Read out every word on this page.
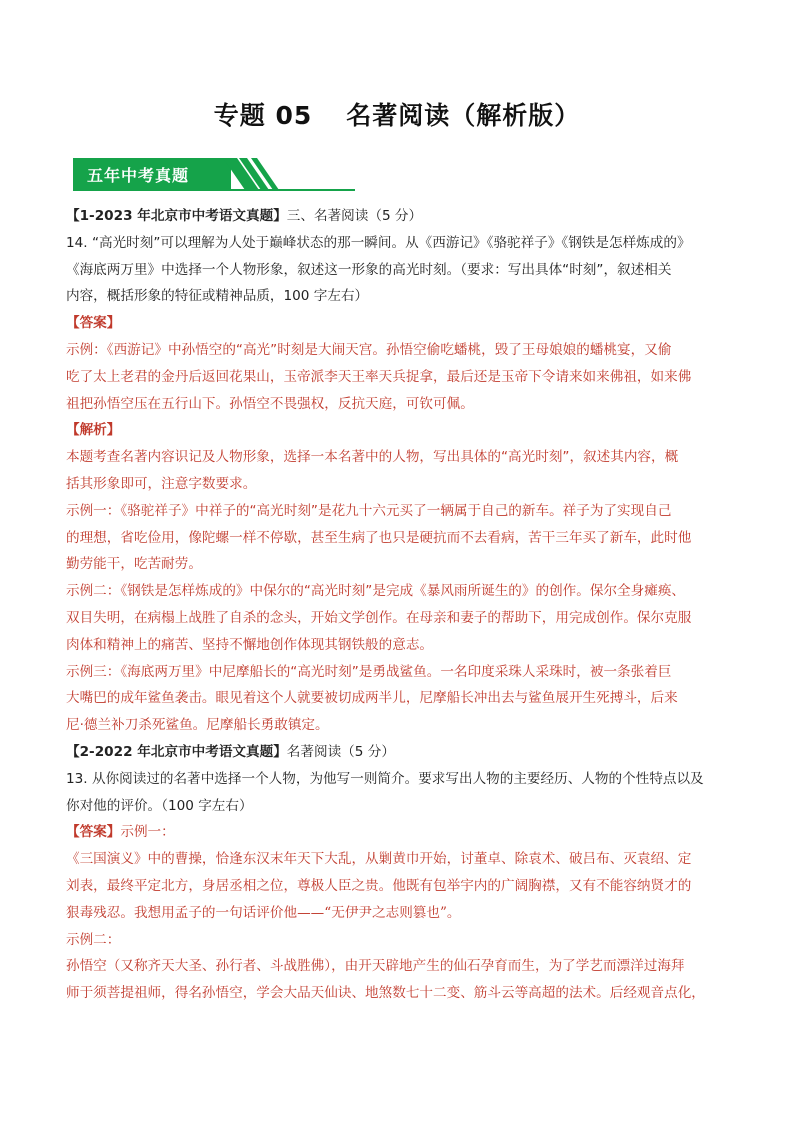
专题 05 名著阅读（解析版）
五年中考真题
【1-2023 年北京市中考语文真题】三、名著阅读（5 分）
14. “高光时刻”可以理解为人处于巅峰状态的那一瞬间。从《西游记》《骆驼祥子》《钢铁是怎样炼成的》
《海底两万里》中选择一个人物形象，叙述这一形象的高光时刻。（要求：写出具体“时刻”，叙述相关
内容，概括形象的特征或精神品质，100 字左右）
【答案】
示例：《西游记》中孙悟空的“高光”时刻是大闹天宫。孙悟空偷吃蟠桃，毁了王母娘娘的蟠桃宴，又偷
吃了太上老君的金丹后返回花果山，玉帝派李天王率天兵捉拿，最后还是玉帝下令请来如来佛祖，如来佛
祖把孙悟空压在五行山下。孙悟空不畏强权，反抗天庭，可钦可佩。
【解析】
本题考查名著内容识记及人物形象，选择一本名著中的人物，写出具体的“高光时刻”，叙述其内容，概
括其形象即可，注意字数要求。
示例一：《骆驼祥子》中祥子的“高光时刻”是花九十六元买了一辆属于自己的新车。祥子为了实现自己
的理想，省吃俭用，像陀螺一样不停歇，甚至生病了也只是硬抗而不去看病，苦干三年买了新车，此时他
勤劳能干，吃苦耐劳。
示例二：《钢铁是怎样炼成的》中保尔的“高光时刻”是完成《暴风雨所诞生的》的创作。保尔全身瘫痪、
双目失明，在病榻上战胜了自杀的念头，开始文学创作。在母亲和妻子的帮助下，用完成创作。保尔克服
肉体和精神上的痛苦、坚持不懈地创作体现其钢铁般的意志。
示例三：《海底两万里》中尼摩船长的“高光时刻”是勇战鲨鱼。一名印度采珠人采珠时，被一条张着巨
大嘴巴的成年鲨鱼袭击。眼见着这个人就要被切成两半儿，尼摩船长冲出去与鲨鱼展开生死搏斗，后来
尼·德兰补刀杀死鲨鱼。尼摩船长勇敢镇定。
【2-2022 年北京市中考语文真题】名著阅读（5 分）
13. 从你阅读过的名著中选择一个人物，为他写一则简介。要求写出人物的主要经历、人物的个性特点以及
你对他的评价。（100 字左右）
【答案】示例一：
《三国演义》中的曹操，恰逢东汉末年天下大乱，从剿黄巾开始，讨董卓、除袁术、破吕布、灭袁绍、定
刘表，最终平定北方，身居丞相之位，尊极人臣之贵。他既有包举宇内的广阔胸襟，又有不能容纳贤才的
狠毒残忍。我想用孟子的一句话评价他——“无伊尹之志则篡也”。
示例二：
孙悟空（又称齐天大圣、孙行者、斗战胜佛），由开天辟地产生的仙石孕育而生，为了学艺而漂洋过海拜
师于须菩提祖师，得名孙悟空，学会大品天仙诀、地煞数七十二变、筋斗云等高超的法术。后经观音点化，
